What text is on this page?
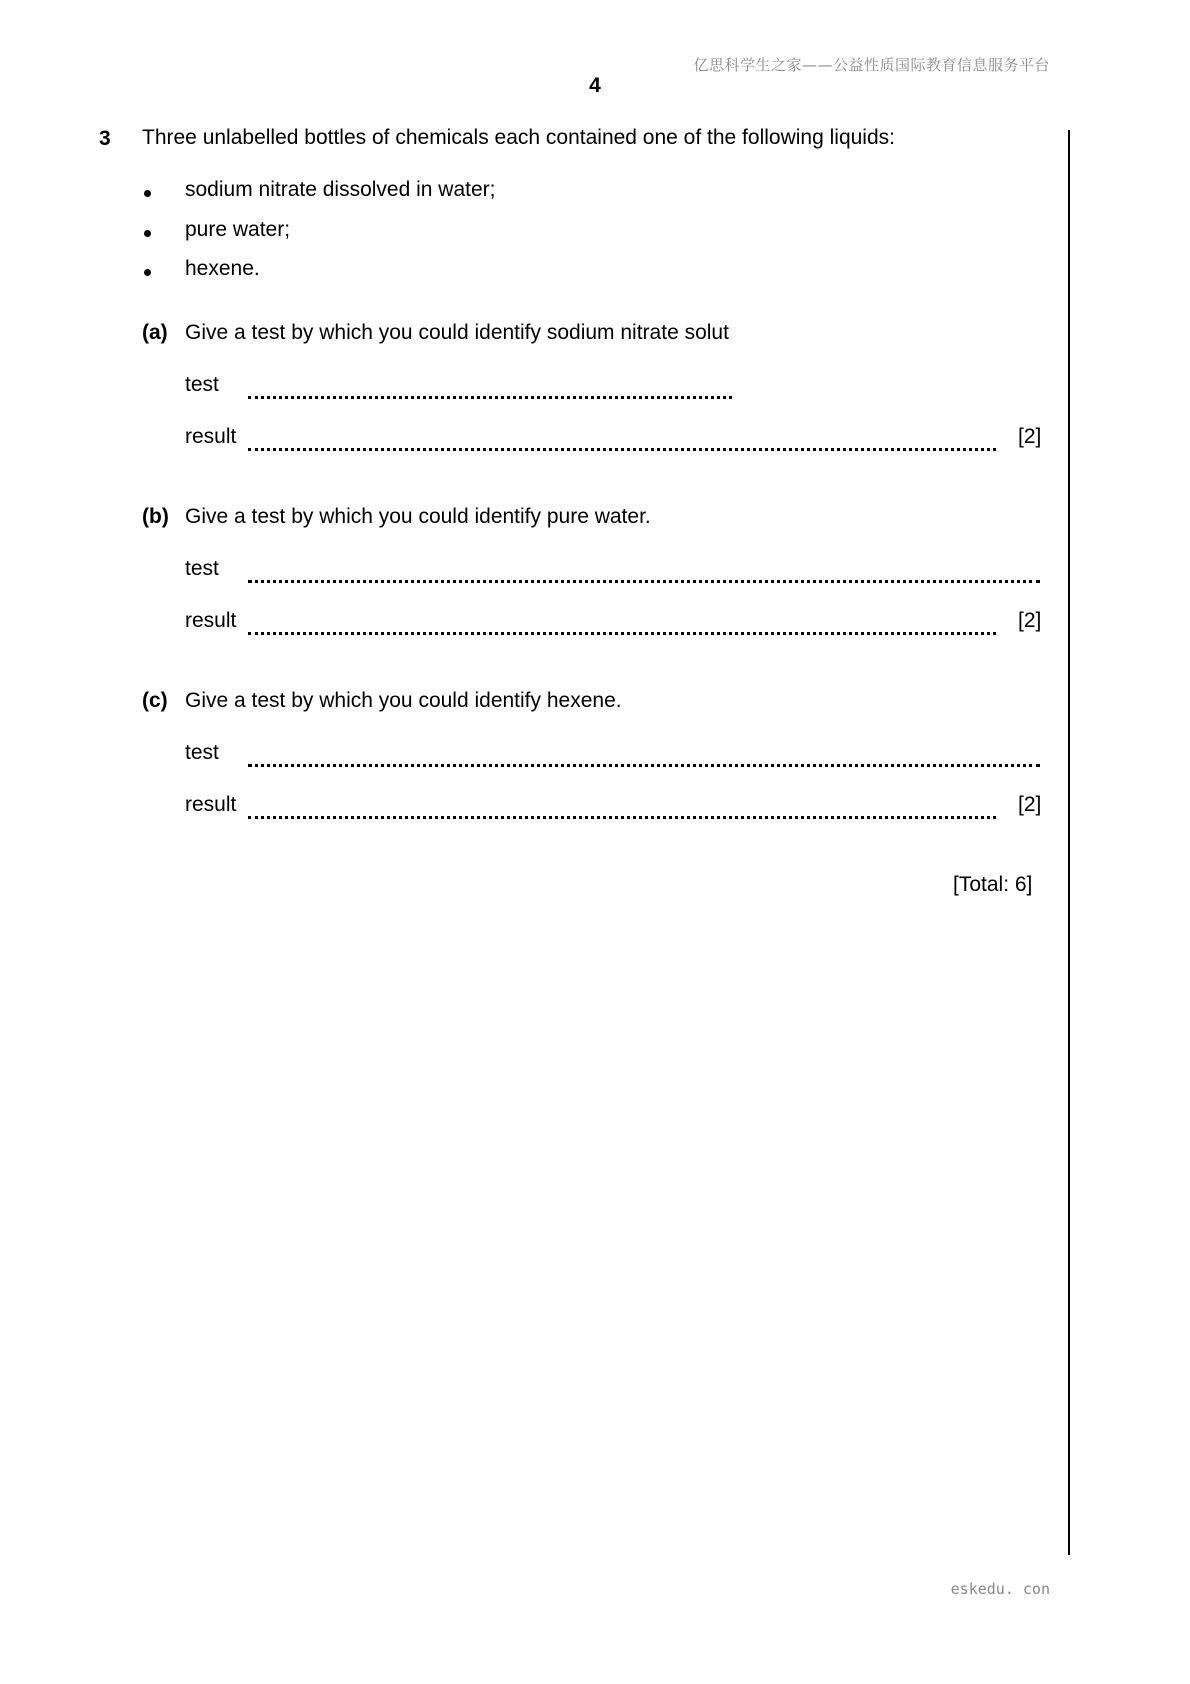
亿思科学生之家——公益性质国际教育信息服务平台
4
3 Three unlabelled bottles of chemicals each contained one of the following liquids:
sodium nitrate dissolved in water;
pure water;
hexene.
(a) Give a test by which you could identify sodium nitrate solut
test
result	[2]
(b) Give a test by which you could identify pure water.
test
result	[2]
(c) Give a test by which you could identify hexene.
test
result	[2]
[Total: 6]
eskedu. con
